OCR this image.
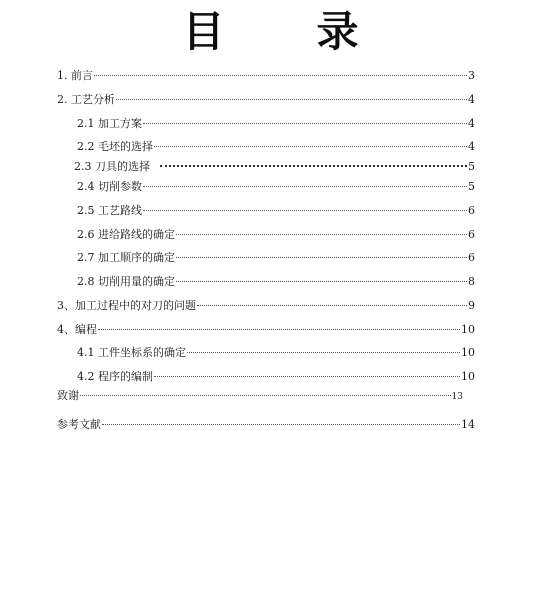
目 录
1. 前言	3
2. 工艺分析	4
2.1 加工方案	4
2.2 毛坯的选择	4
2.3 刀具的选择	5
2.4 切削参数	5
2.5 工艺路线	6
2.6 进给路线的确定	6
2.7 加工顺序的确定	6
2.8 切削用量的确定	8
3、加工过程中的对刀的问题	9
4、编程	10
4.1 工件坐标系的确定	10
4.2 程序的编制	10
致谢	13
参考文献	14
